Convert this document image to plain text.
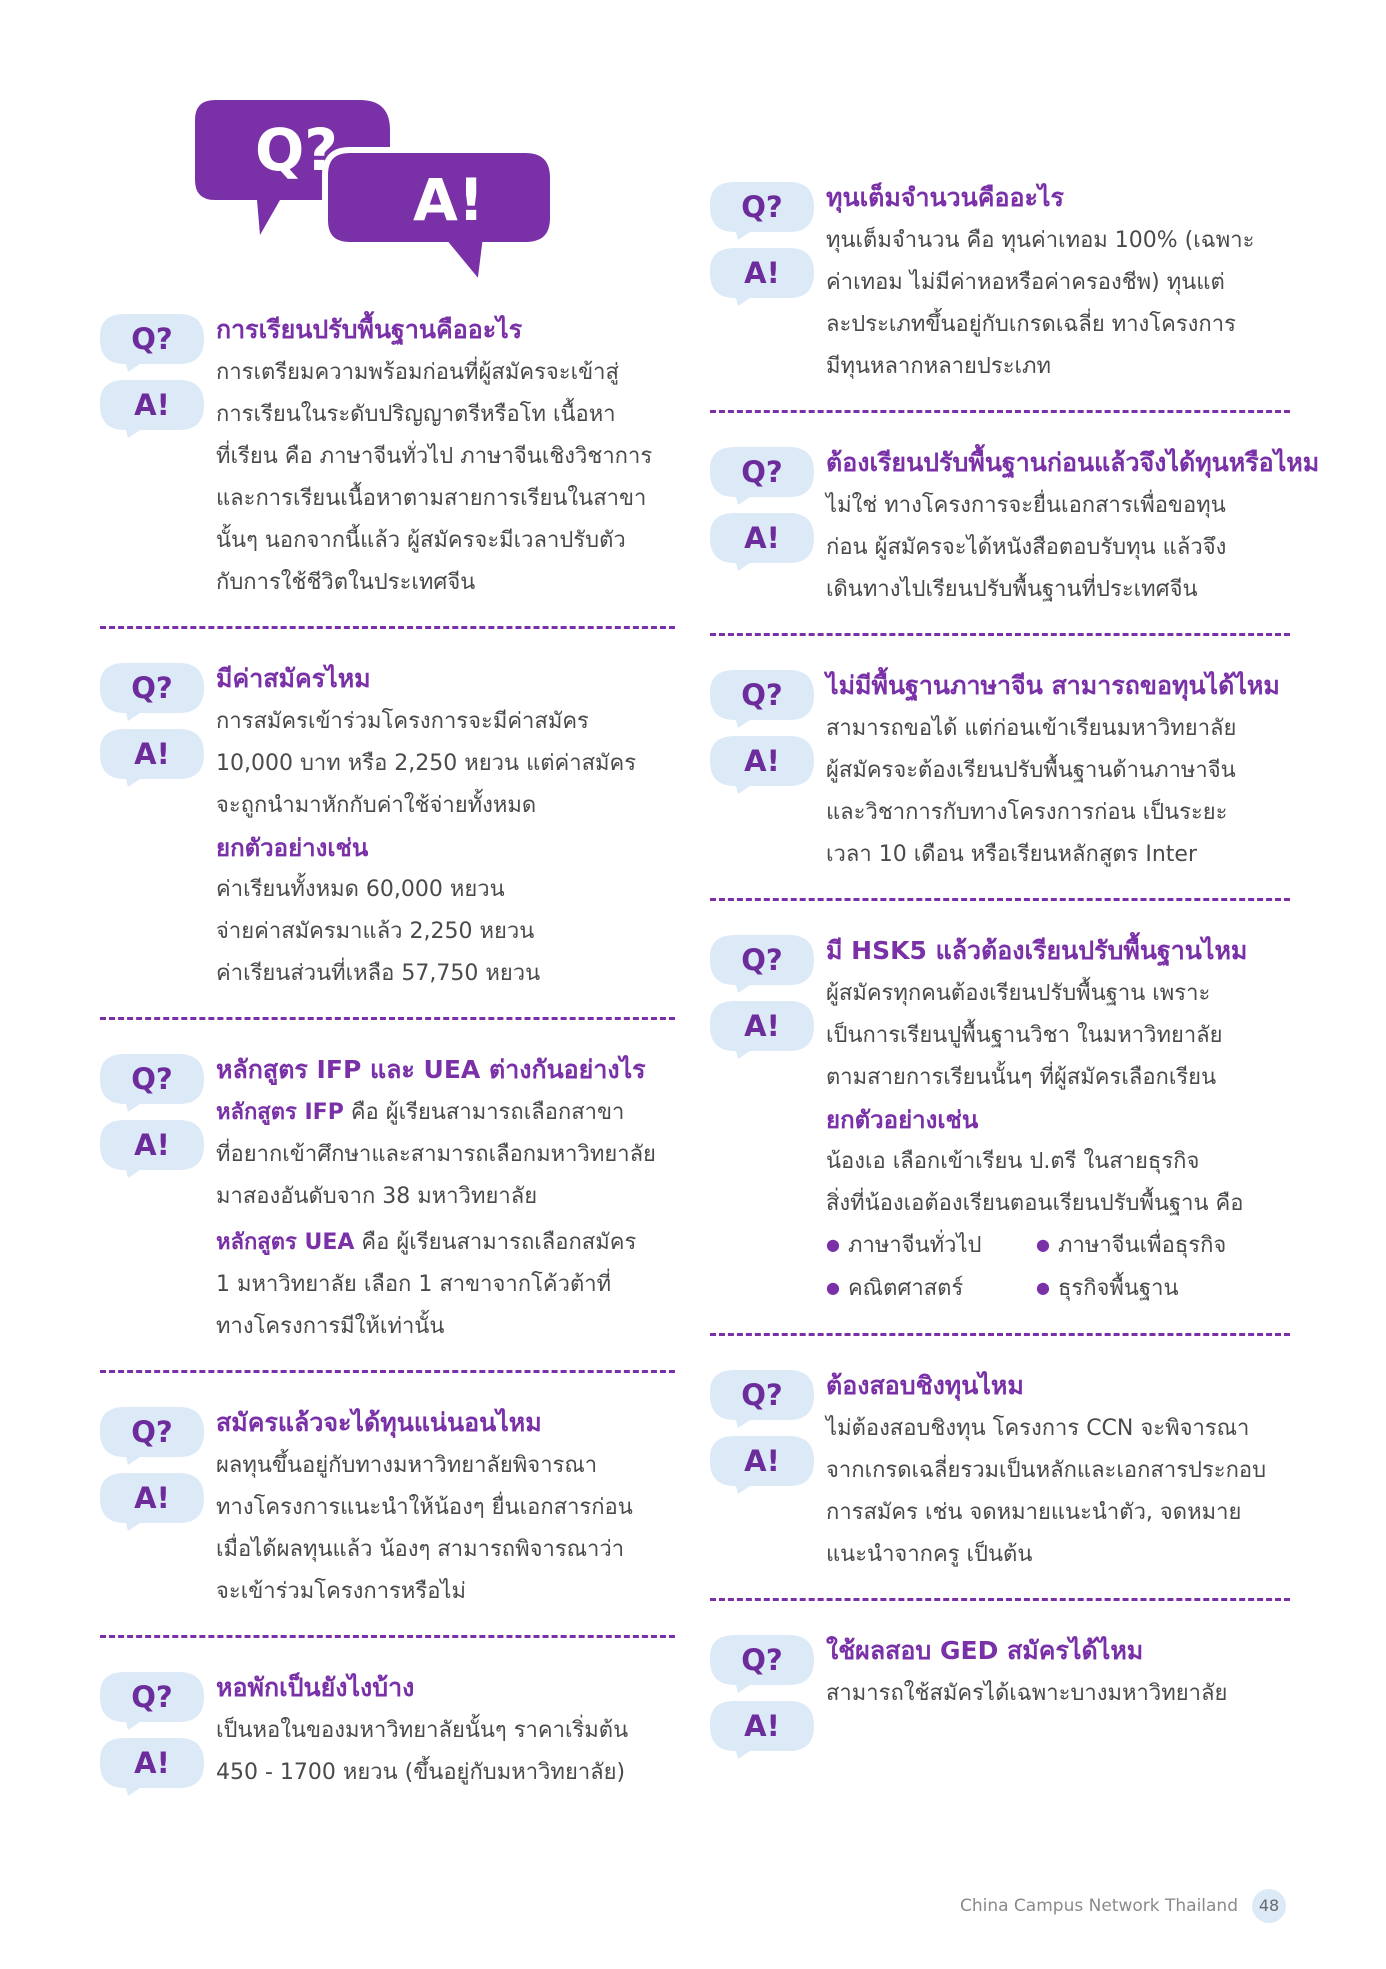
Q?
A!
Q?
A!
การเรียนปรับพื้นฐานคืออะไร

การเตรียมความพร้อมก่อนที่ผู้สมัครจะเข้าสู่

การเรียนในระดับปริญญาตรีหรือโท เนื้อหา

ที่เรียน คือ ภาษาจีนทั่วไป ภาษาจีนเชิงวิชาการ

และการเรียนเนื้อหาตามสายการเรียนในสาขา

นั้นๆ นอกจากนี้แล้ว ผู้สมัครจะมีเวลาปรับตัว

กับการใช้ชีวิตในประเทศจีน

Q?
A!
มีค่าสมัครไหม

การสมัครเข้าร่วมโครงการจะมีค่าสมัคร

10,000 บาท หรือ 2,250 หยวน แต่ค่าสมัคร

จะถูกนำมาหักกับค่าใช้จ่ายทั้งหมด

ยกตัวอย่างเช่น

ค่าเรียนทั้งหมด 60,000 หยวน

จ่ายค่าสมัครมาแล้ว 2,250 หยวน

ค่าเรียนส่วนที่เหลือ 57,750 หยวน

Q?
A!
หลักสูตร IFP และ UEA ต่างกันอย่างไร

หลักสูตร IFP คือ ผู้เรียนสามารถเลือกสาขา

ที่อยากเข้าศึกษาและสามารถเลือกมหาวิทยาลัย

มาสองอันดับจาก 38 มหาวิทยาลัย

หลักสูตร UEA คือ ผู้เรียนสามารถเลือกสมัคร

1 มหาวิทยาลัย เลือก 1 สาขาจากโค้วต้าที่

ทางโครงการมีให้เท่านั้น

Q?
A!
สมัครแล้วจะได้ทุนแน่นอนไหม

ผลทุนขึ้นอยู่กับทางมหาวิทยาลัยพิจารณา

ทางโครงการแนะนำให้น้องๆ ยื่นเอกสารก่อน

เมื่อได้ผลทุนแล้ว น้องๆ สามารถพิจารณาว่า

จะเข้าร่วมโครงการหรือไม่

Q?
A!
หอพักเป็นยังไงบ้าง

เป็นหอในของมหาวิทยาลัยนั้นๆ ราคาเริ่มต้น

450 - 1700 หยวน (ขึ้นอยู่กับมหาวิทยาลัย)

Q?
A!
ทุนเต็มจำนวนคืออะไร

ทุนเต็มจำนวน คือ ทุนค่าเทอม 100% (เฉพาะ

ค่าเทอม ไม่มีค่าหอหรือค่าครองชีพ) ทุนแต่

ละประเภทขึ้นอยู่กับเกรดเฉลี่ย ทางโครงการ

มีทุนหลากหลายประเภท

Q?
A!
ต้องเรียนปรับพื้นฐานก่อนแล้วจึงได้ทุนหรือไหม

ไม่ใช่ ทางโครงการจะยื่นเอกสารเพื่อขอทุน

ก่อน ผู้สมัครจะได้หนังสือตอบรับทุน แล้วจึง

เดินทางไปเรียนปรับพื้นฐานที่ประเทศจีน

Q?
A!
ไม่มีพื้นฐานภาษาจีน สามารถขอทุนได้ไหม

สามารถขอได้ แต่ก่อนเข้าเรียนมหาวิทยาลัย

ผู้สมัครจะต้องเรียนปรับพื้นฐานด้านภาษาจีน

และวิชาการกับทางโครงการก่อน เป็นระยะ

เวลา 10 เดือน หรือเรียนหลักสูตร Inter

Q?
A!
มี HSK5 แล้วต้องเรียนปรับพื้นฐานไหม

ผู้สมัครทุกคนต้องเรียนปรับพื้นฐาน เพราะ

เป็นการเรียนปูพื้นฐานวิชา ในมหาวิทยาลัย

ตามสายการเรียนนั้นๆ ที่ผู้สมัครเลือกเรียน

ยกตัวอย่างเช่น

น้องเอ เลือกเข้าเรียน ป.ตรี ในสายธุรกิจ

สิ่งที่น้องเอต้องเรียนตอนเรียนปรับพื้นฐาน คือ

● ภาษาจีนทั่วไป	● ภาษาจีนเพื่อธุรกิจ
● คณิตศาสตร์	● ธุรกิจพื้นฐาน
Q?
A!
ต้องสอบชิงทุนไหม

ไม่ต้องสอบชิงทุน โครงการ CCN จะพิจารณา

จากเกรดเฉลี่ยรวมเป็นหลักและเอกสารประกอบ

การสมัคร เช่น จดหมายแนะนำตัว, จดหมาย

แนะนำจากครู เป็นต้น

Q?
A!
ใช้ผลสอบ GED สมัครได้ไหม

สามารถใช้สมัครได้เฉพาะบางมหาวิทยาลัย

China Campus Network Thailand	48
